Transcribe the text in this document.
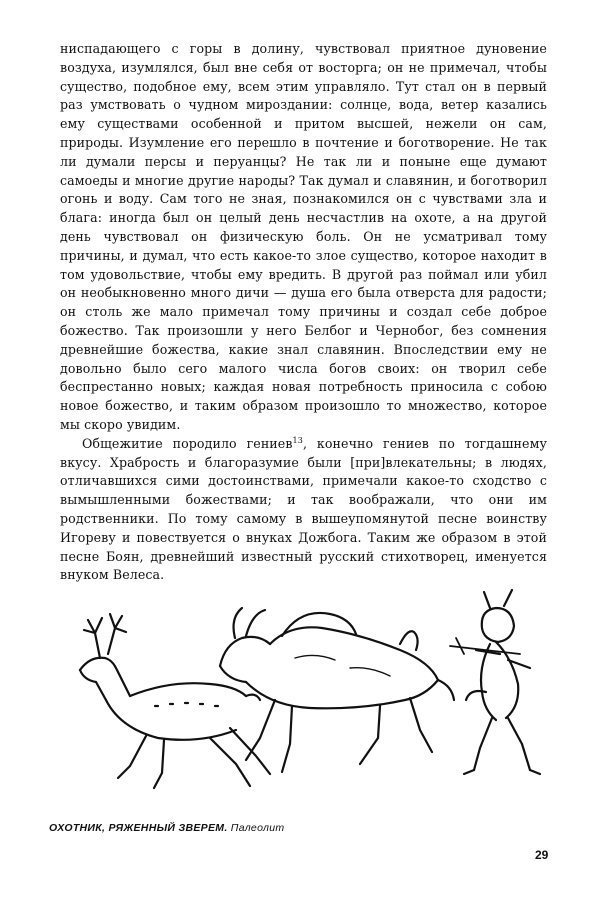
ниспадающего с горы в долину, чувствовал приятное дуновение воздуха, изумлялся, был вне себя от восторга; он не примечал, чтобы существо, подобное ему, всем этим управляло. Тут стал он в первый раз умствовать о чудном мироздании: солнце, вода, ветер казались ему существами особенной и притом высшей, нежели он сам, природы. Изумление его перешло в почтение и боготворение. Не так ли думали персы и перуанцы? Не так ли и поныне еще думают самоеды и многие другие народы? Так думал и славянин, и боготворил огонь и воду. Сам того не зная, познакомился он с чувствами зла и блага: иногда был он целый день несчастлив на охоте, а на другой день чувствовал он физическую боль. Он не усматривал тому причины, и думал, что есть какое-то злое существо, которое находит в том удовольствие, чтобы ему вредить. В другой раз поймал или убил он необыкновенно много дичи — душа его была отверста для радости; он столь же мало примечал тому причины и создал себе доброе божество. Так произошли у него Белбог и Чернобог, без сомнения древнейшие божества, какие знал славянин. Впоследствии ему не довольно было сего малого числа богов своих: он творил себе беспрестанно новых; каждая новая потребность приносила с собою новое божество, и таким образом произошло то множество, которое мы скоро увидим.

Общежитие породило гениев$^{13}$, конечно гениев по тогдашнему вкусу. Храбрость и благоразумие были [при]влекательны; в людях, отличавшихся сими достоинствами, примечали какое-то сходство с вымышленными божествами; и так воображали, что они им родственники. По тому самому в вышеупомянутой песне воинству Игореву и повествуется о внуках Дожбога. Таким же образом в этой песне Боян, древнейший известный русский стихотворец, именуется внуком Велеса.

ОХОТНИК, РЯЖЕННЫЙ ЗВЕРЕМ. Палеолит
29
